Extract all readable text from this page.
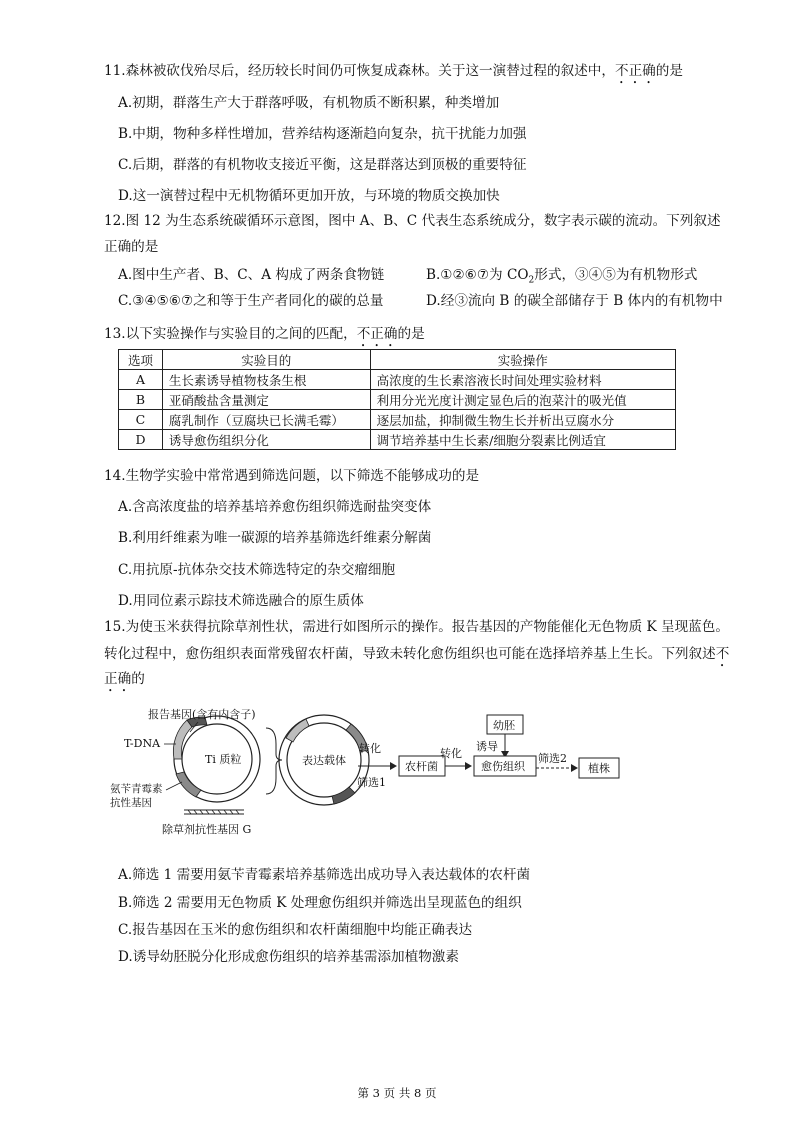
11.森林被砍伐殆尽后，经历较长时间仍可恢复成森林。关于这一演替过程的叙述中，不正确的是
A.初期，群落生产大于群落呼吸，有机物质不断积累，种类增加
B.中期，物种多样性增加，营养结构逐渐趋向复杂，抗干扰能力加强
C.后期，群落的有机物收支接近平衡，这是群落达到顶极的重要特征
D.这一演替过程中无机物循环更加开放，与环境的物质交换加快
12.图 12 为生态系统碳循环示意图，图中 A、B、C 代表生态系统成分，数字表示碳的流动。下列叙述
正确的是
A.图中生产者、B、C、A 构成了两条食物链	B.①②⑥⑦为 $CO_2$形式，③④⑤为有机物形式
C.③④⑤⑥⑦之和等于生产者同化的碳的总量	D.经③流向 B 的碳全部储存于 B 体内的有机物中
13.以下实验操作与实验目的之间的匹配，不正确的是
选项	实验目的	实验操作
A	生长素诱导植物枝条生根	高浓度的生长素溶液长时间处理实验材料
B	亚硝酸盐含量测定	利用分光光度计测定显色后的泡菜汁的吸光值
C	腐乳制作（豆腐块已长满毛霉）	逐层加盐，抑制微生物生长并析出豆腐水分
D	诱导愈伤组织分化	调节培养基中生长素/细胞分裂素比例适宜
14.生物学实验中常常遇到筛选问题，以下筛选不能够成功的是
A.含高浓度盐的培养基培养愈伤组织筛选耐盐突变体
B.利用纤维素为唯一碳源的培养基筛选纤维素分解菌
C.用抗原-抗体杂交技术筛选特定的杂交瘤细胞
D.用同位素示踪技术筛选融合的原生质体
15.为使玉米获得抗除草剂性状，需进行如图所示的操作。报告基因的产物能催化无色物质 K 呈现蓝色。
转化过程中，愈伤组织表面常残留农杆菌，导致未转化愈伤组织也可能在选择培养基上生长。下列叙述不
正确的
Ti 质粒
报告基因(含有内含子)
T-DNA
氨苄青霉素
抗性基因
除草剂抗性基因 G
表达载体
转化
筛选1
农杆菌
转化
幼胚
诱导
愈伤组织
筛选2
植株
A.筛选 1 需要用氨苄青霉素培养基筛选出成功导入表达载体的农杆菌
B.筛选 2 需要用无色物质 K 处理愈伤组织并筛选出呈现蓝色的组织
C.报告基因在玉米的愈伤组织和农杆菌细胞中均能正确表达
D.诱导幼胚脱分化形成愈伤组织的培养基需添加植物激素
第 3 页 共 8 页
